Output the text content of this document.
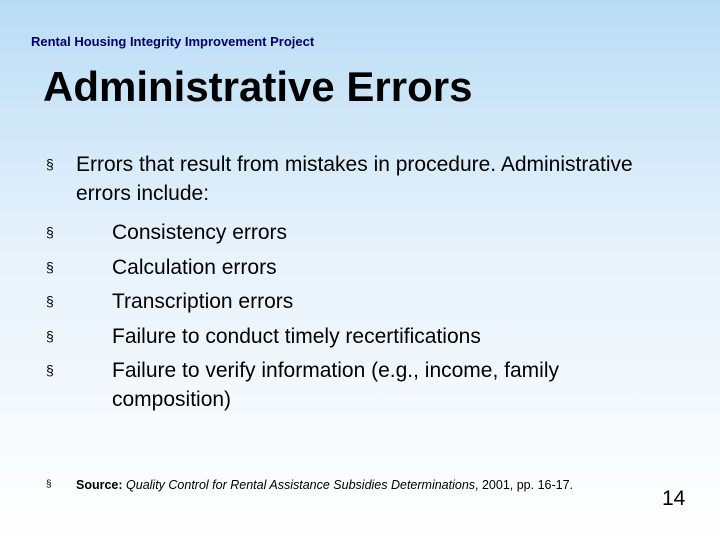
Rental Housing Integrity Improvement Project
Administrative Errors
§	Errors that result from mistakes in procedure. Administrative errors include:
§	Consistency errors
§	Calculation errors
§	Transcription errors
§	Failure to conduct timely recertifications
§	Failure to verify information (e.g., income, family composition)
§	Source: Quality Control for Rental Assistance Subsidies Determinations, 2001, pp. 16-17.
14
